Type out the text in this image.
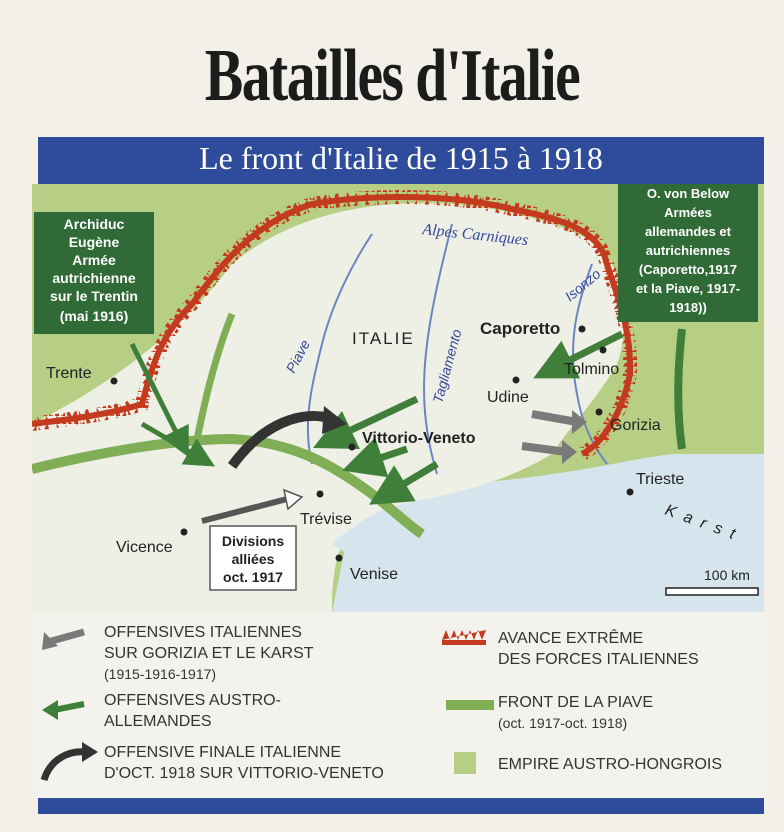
Batailles d'Italie
Le front d'Italie de 1915 à 1918
Trente
Caporetto
Tolmino
Udine
Gorizia
Vittorio-Veneto
Trieste
Trévise
Vicence
Venise
ITALIE
Alpes Carniques
Piave	Tagliamento
Isonzo
Karst
100 km
Archiduc
Eugène
Armée
autrichienne
sur le Trentin
(mai 1916)
O. von Below
Armées
allemandes et
autrichiennes
(Caporetto,1917
et la Piave, 1917-
1918))
Divisions
alliées
oct. 1917
OFFENSIVES ITALIENNES
SUR GORIZIA ET LE KARST
(1915-1916-1917)
OFFENSIVES AUSTRO-
ALLEMANDES
OFFENSIVE FINALE ITALIENNE
D'OCT. 1918 SUR VITTORIO-VENETO
AVANCE EXTRÊME
DES FORCES ITALIENNES
FRONT DE LA PIAVE
(oct. 1917-oct. 1918)
EMPIRE AUSTRO-HONGROIS
